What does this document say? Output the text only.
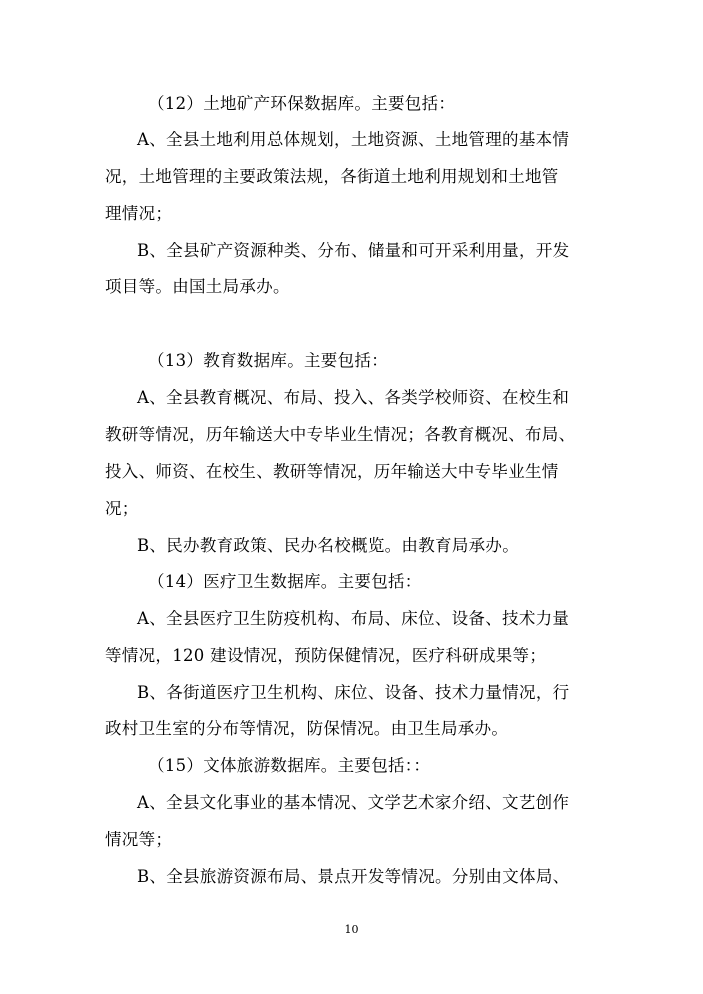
（12）土地矿产环保数据库。主要包括：
A、全县土地利用总体规划，土地资源、土地管理的基本情
况，土地管理的主要政策法规，各街道土地利用规划和土地管
理情况；
B、全县矿产资源种类、分布、储量和可开采利用量，开发
项目等。由国土局承办。
（13）教育数据库。主要包括：
A、全县教育概况、布局、投入、各类学校师资、在校生和
教研等情况，历年输送大中专毕业生情况；各教育概况、布局、
投入、师资、在校生、教研等情况，历年输送大中专毕业生情
况；
B、民办教育政策、民办名校概览。由教育局承办。
（14）医疗卫生数据库。主要包括：
A、全县医疗卫生防疫机构、布局、床位、设备、技术力量
等情况，120 建设情况，预防保健情况，医疗科研成果等；
B、各街道医疗卫生机构、床位、设备、技术力量情况，行
政村卫生室的分布等情况，防保情况。由卫生局承办。
（15）文体旅游数据库。主要包括：：
A、全县文化事业的基本情况、文学艺术家介绍、文艺创作
情况等；
B、全县旅游资源布局、景点开发等情况。分别由文体局、
10
